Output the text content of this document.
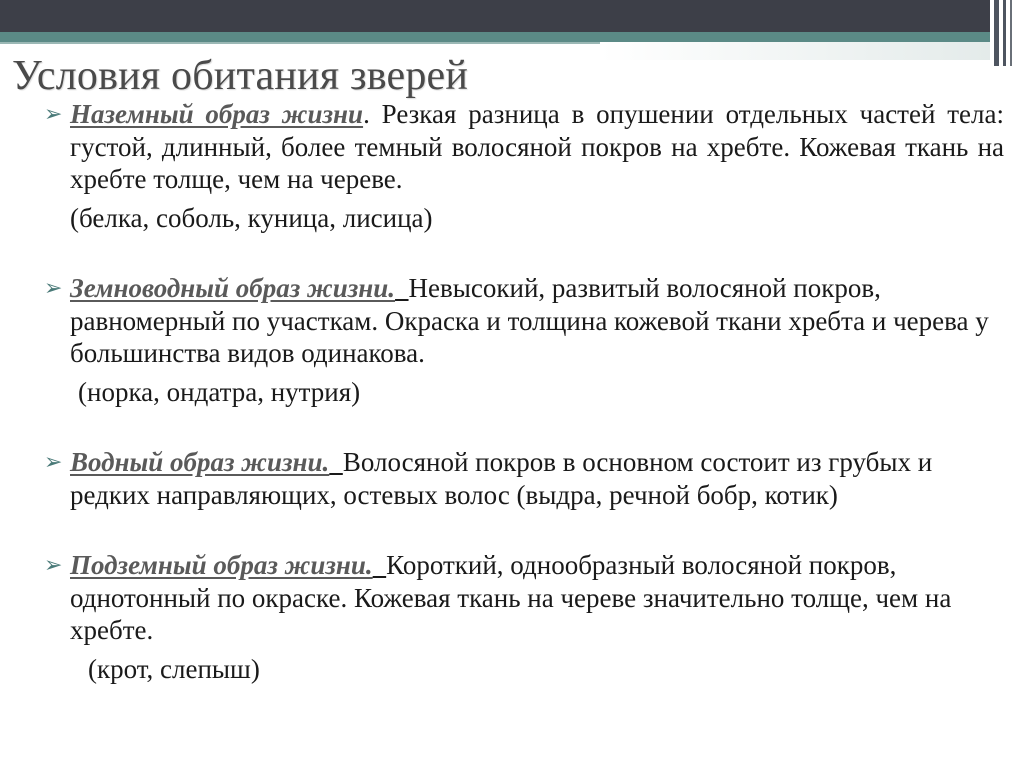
Условия обитания зверей
➢ Наземный образ жизни. Резкая разница в опушении отдельных частей тела: густой, длинный, более темный волосяной покров на хребте. Кожевая ткань на хребте толще, чем на череве.
(белка, соболь, куница, лисица)
➢ Земноводный образ жизни. Невысокий, развитый волосяной покров, равномерный по участкам. Окраска и толщина кожевой ткани хребта и черева у большинства видов одинакова.
(норка, ондатра, нутрия)
➢ Водный образ жизни. Волосяной покров в основном состоит из грубых и редких направляющих, остевых волос (выдра, речной бобр, котик)
➢ Подземный образ жизни. Короткий, однообразный волосяной покров, однотонный по окраске. Кожевая ткань на череве значительно толще, чем на хребте.
(крот, слепыш)
